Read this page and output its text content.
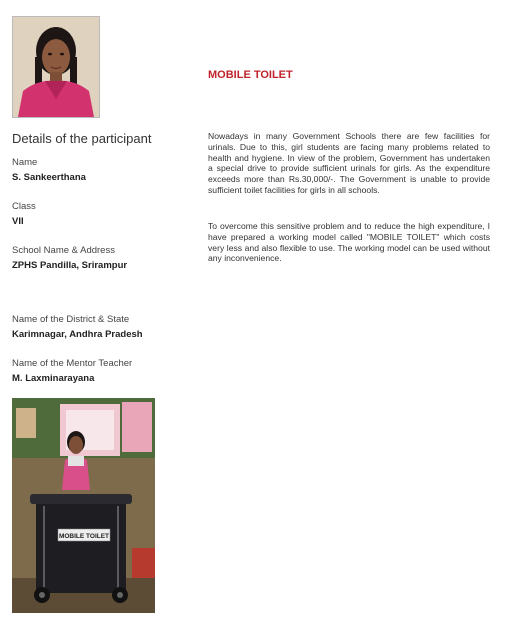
Details of the participant
Name
S. Sankeerthana
Class
VII
School Name & Address
ZPHS Pandilla, Srirampur
Name of the District & State
Karimnagar, Andhra Pradesh
Name of the Mentor Teacher
M. Laxminarayana
MOBILE TOILET
Nowadays in many Government Schools there are few facilities for urinals. Due to this, girl students are facing many problems related to health and hygiene. In view of the problem, Government has undertaken a special drive to provide sufficient urinals for girls. As the expenditure exceeds more than Rs.30,000/-. The Government is unable to provide sufficient toilet facilities for girls in all schools.
To overcome this sensitive problem and to reduce the high expenditure, I have prepared a working model called "MOBILE TOILET" which costs very less and also flexible to use. The working model can be used without any inconvenience.
MOBILE TOILET
